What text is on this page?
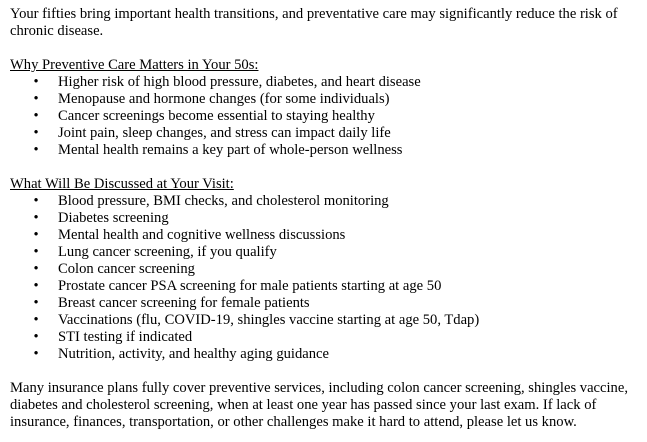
Your fifties bring important health transitions, and preventative care may significantly reduce the risk of chronic disease.

Why Preventive Care Matters in Your 50s:

• Higher risk of high blood pressure, diabetes, and heart disease
• Menopause and hormone changes (for some individuals)
• Cancer screenings become essential to staying healthy
• Joint pain, sleep changes, and stress can impact daily life
• Mental health remains a key part of whole-person wellness

What Will Be Discussed at Your Visit:

• Blood pressure, BMI checks, and cholesterol monitoring
• Diabetes screening
• Mental health and cognitive wellness discussions
• Lung cancer screening, if you qualify
• Colon cancer screening
• Prostate cancer PSA screening for male patients starting at age 50
• Breast cancer screening for female patients
• Vaccinations (flu, COVID-19, shingles vaccine starting at age 50, Tdap)
• STI testing if indicated
• Nutrition, activity, and healthy aging guidance

Many insurance plans fully cover preventive services, including colon cancer screening, shingles vaccine, diabetes and cholesterol screening, when at least one year has passed since your last exam. If lack of insurance, finances, transportation, or other challenges make it hard to attend, please let us know.
